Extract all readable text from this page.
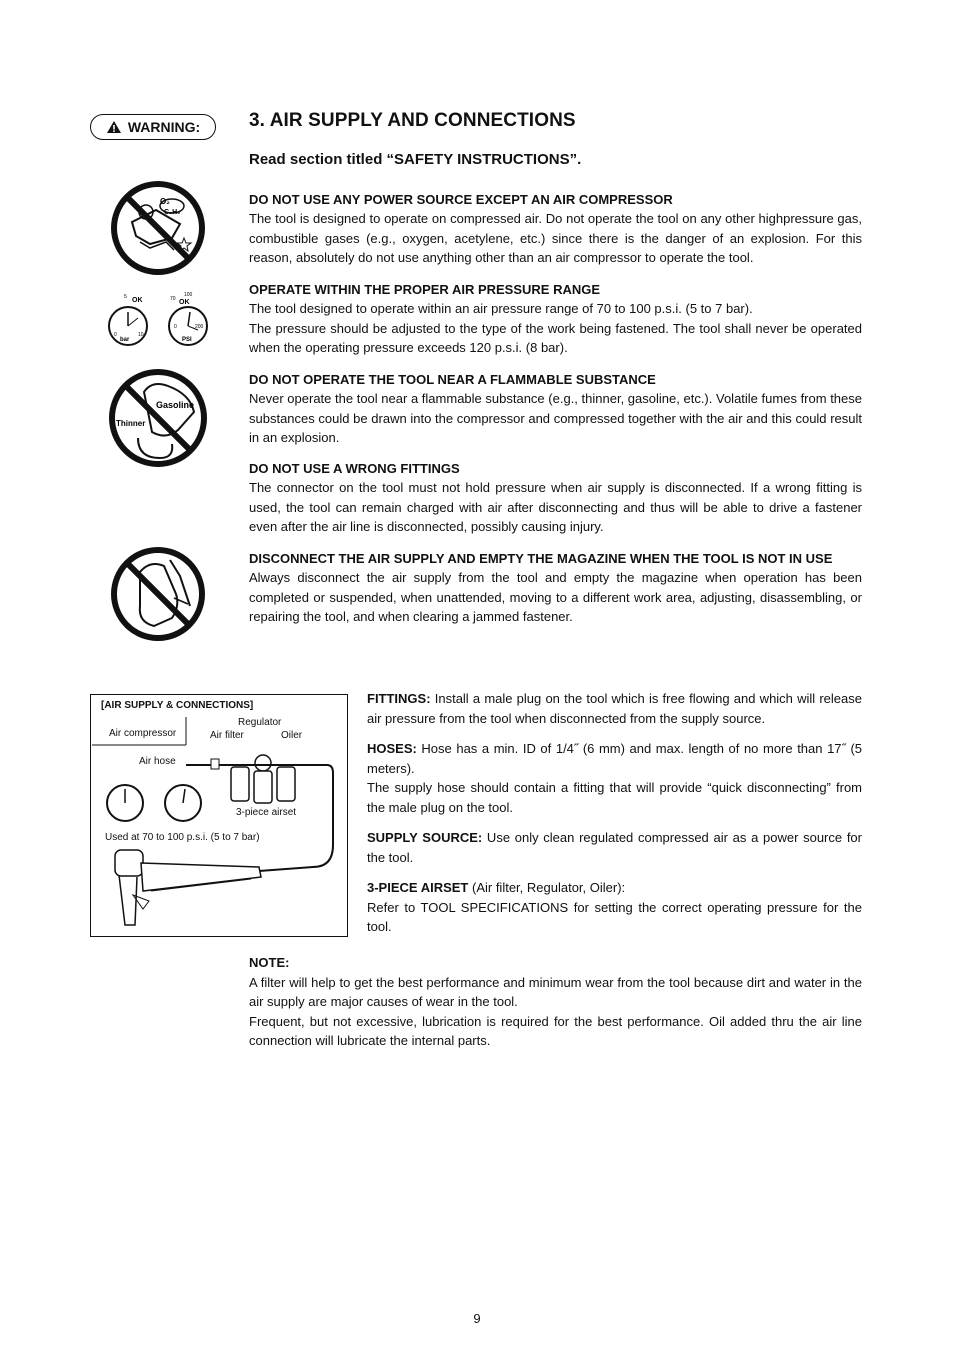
WARNING:	3. AIR SUPPLY AND CONNECTIONS
Read section titled “SAFETY INSTRUCTIONS”.
O₂
C₂H₂
OK
bar
0
5
10
OK
PSI
0
70
100
200
Gasoline
Thinner
DO NOT USE ANY POWER SOURCE EXCEPT AN AIR COMPRESSOR

The tool is designed to operate on compressed air. Do not operate the tool on any other highpressure gas, combustible gases (e.g., oxygen, acetylene, etc.) since there is the danger of an explosion. For this reason, absolutely do not use anything other than an air compressor to operate the tool.

OPERATE WITHIN THE PROPER AIR PRESSURE RANGE

The tool designed to operate within an air pressure range of 70 to 100 p.s.i. (5 to 7 bar).

The pressure should be adjusted to the type of the work being fastened. The tool shall never be operated when the operating pressure exceeds 120 p.s.i. (8 bar).

DO NOT OPERATE THE TOOL NEAR A FLAMMABLE SUBSTANCE

Never operate the tool near a flammable substance (e.g., thinner, gasoline, etc.). Volatile fumes from these substances could be drawn into the compressor and compressed together with the air and this could result in an explosion.

DO NOT USE A WRONG FITTINGS

The connector on the tool must not hold pressure when air supply is disconnected. If a wrong fitting is used, the tool can remain charged with air after disconnecting and thus will be able to drive a fastener even after the air line is disconnected, possibly causing injury.

DISCONNECT THE AIR SUPPLY AND EMPTY THE MAGAZINE WHEN THE TOOL IS NOT IN USE

Always disconnect the air supply from the tool and empty the magazine when operation has been completed or suspended, when unattended, moving to a different work area, adjusting, disassembling, or repairing the tool, and when clearing a jammed fastener.

[AIR SUPPLY & CONNECTIONS]
Air compressor
Regulator
Air filter	Oiler
Air hose
3-piece airset
Used at 70 to 100 p.s.i. (5 to 7 bar)

FITTINGS: Install a male plug on the tool which is free flowing and which will release air pressure from the tool when disconnected from the supply source.

HOSES: Hose has a min. ID of 1/4˝ (6 mm) and max. length of no more than 17˝ (5 meters).

The supply hose should contain a fitting that will provide “quick disconnecting” from the male plug on the tool.

SUPPLY SOURCE: Use only clean regulated compressed air as a power source for the tool.

3-PIECE AIRSET (Air filter, Regulator, Oiler):

Refer to TOOL SPECIFICATIONS for setting the correct operating pressure for the tool.

NOTE:

A filter will help to get the best performance and minimum wear from the tool because dirt and water in the air supply are major causes of wear in the tool.

Frequent, but not excessive, lubrication is required for the best performance. Oil added thru the air line connection will lubricate the internal parts.

9
